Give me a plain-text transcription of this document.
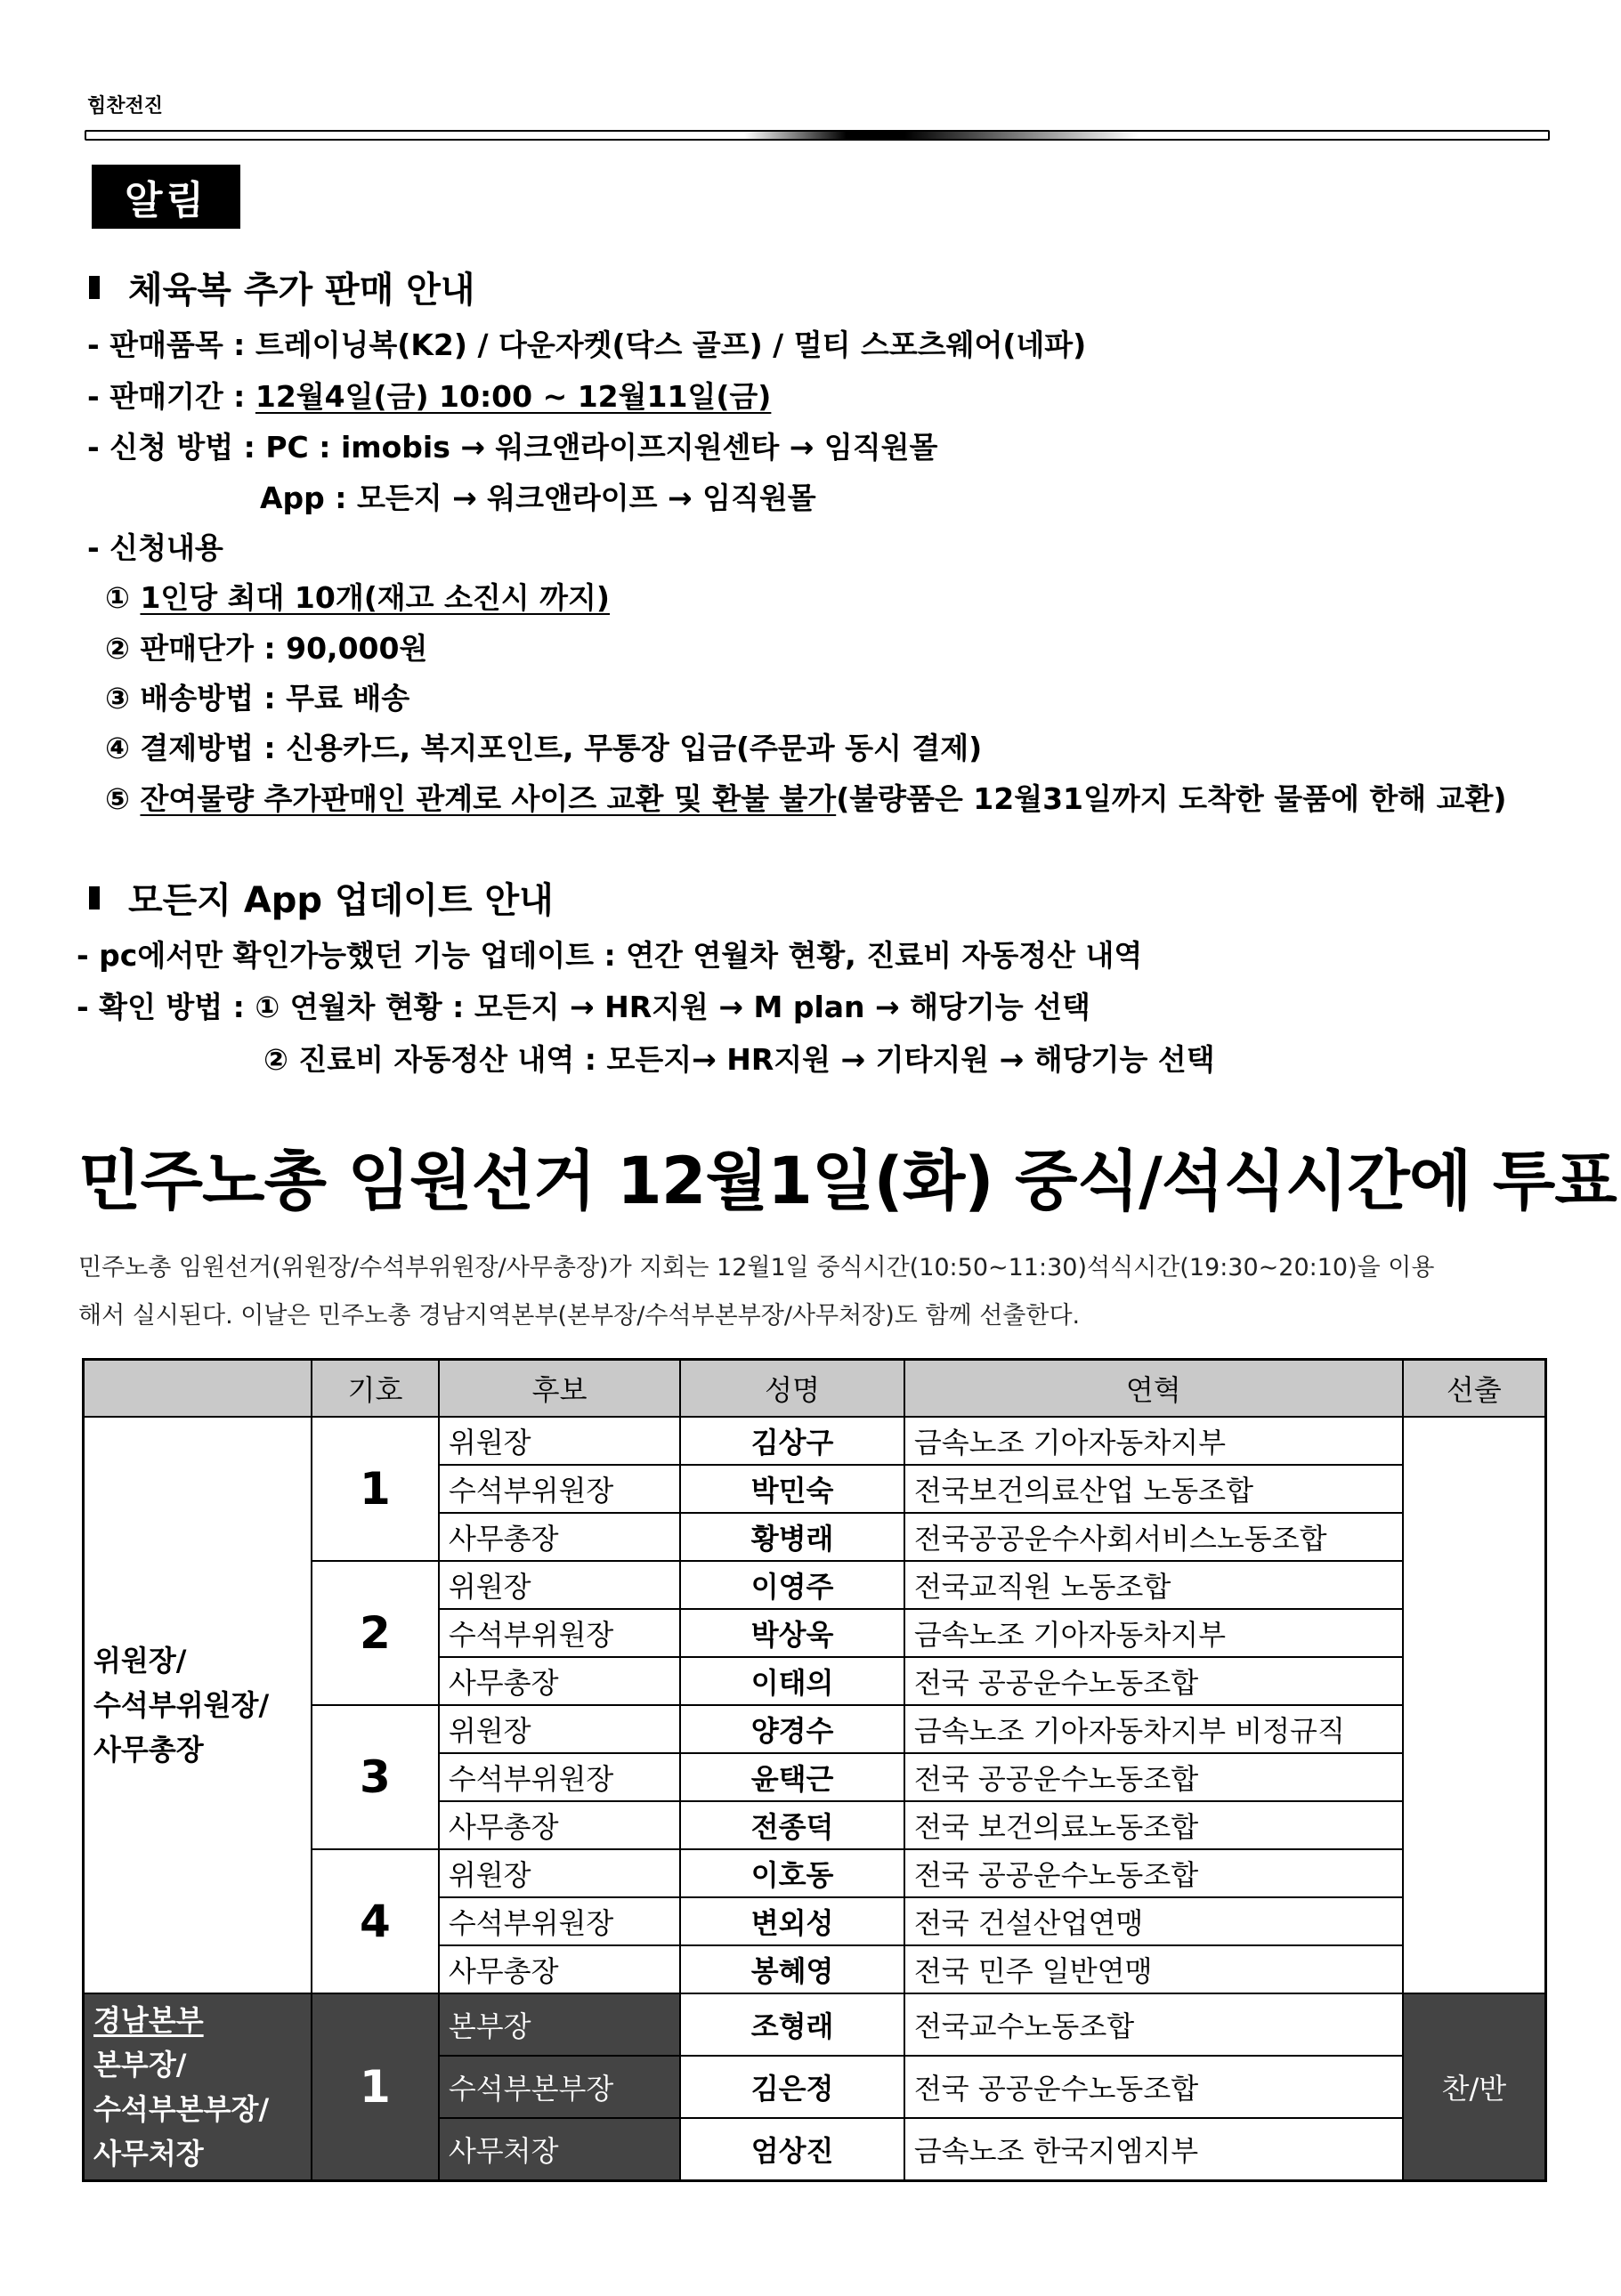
힘찬전진
알림
체육복 추가 판매 안내
- 판매품목 : 트레이닝복(K2) / 다운자켓(닥스 골프) / 멀티 스포츠웨어(네파)
- 판매기간 : 12월4일(금) 10:00 ~ 12월11일(금)
- 신청 방법 : PC : imobis → 워크앤라이프지원센타 → 임직원몰
App : 모든지 → 워크앤라이프 → 임직원몰
- 신청내용
① 1인당 최대 10개(재고 소진시 까지)
② 판매단가 : 90,000원
③ 배송방법 : 무료 배송
④ 결제방법 : 신용카드, 복지포인트, 무통장 입금(주문과 동시 결제)
⑤ 잔여물량 추가판매인 관계로 사이즈 교환 및 환불 불가(불량품은 12월31일까지 도착한 물품에 한해 교환)
모든지 App 업데이트 안내
- pc에서만 확인가능했던 기능 업데이트 : 연간 연월차 현황, 진료비 자동정산 내역
- 확인 방법 : ① 연월차 현황 : 모든지 → HR지원 → M plan → 해당기능 선택
② 진료비 자동정산 내역 : 모든지→ HR지원 → 기타지원 → 해당기능 선택
민주노총 임원선거 12월1일(화) 중식/석식시간에 투표
민주노총 임원선거(위원장/수석부위원장/사무총장)가 지회는 12월1일 중식시간(10:50~11:30)석식시간(19:30~20:10)을 이용
해서 실시된다. 이날은 민주노총 경남지역본부(본부장/수석부본부장/사무처장)도 함께 선출한다.
	기호	후보	성명	연혁	선출

위원장/
수석부위원장/
사무총장	1	위원장	김상구	금속노조 기아자동차지부	
		수석부위원장	박민숙	전국보건의료산업 노동조합	
		사무총장	황병래	전국공공운수사회서비스노동조합	
	2	위원장	이영주	전국교직원 노동조합	
		수석부위원장	박상욱	금속노조 기아자동차지부	
		사무총장	이태의	전국 공공운수노동조합	
	3	위원장	양경수	금속노조 기아자동차지부 비정규직	
		수석부위원장	윤택근	전국 공공운수노동조합	
		사무총장	전종덕	전국 보건의료노동조합	
	4	위원장	이호동	전국 공공운수노동조합	
		수석부위원장	변외성	전국 건설산업연맹	
		사무총장	봉혜영	전국 민주 일반연맹	

경남본부
본부장/
수석부본부장/
사무처장	1	본부장	조형래	전국교수노동조합	찬/반
		수석부본부장	김은정	전국 공공운수노동조합	
		사무처장	엄상진	금속노조 한국지엠지부	
